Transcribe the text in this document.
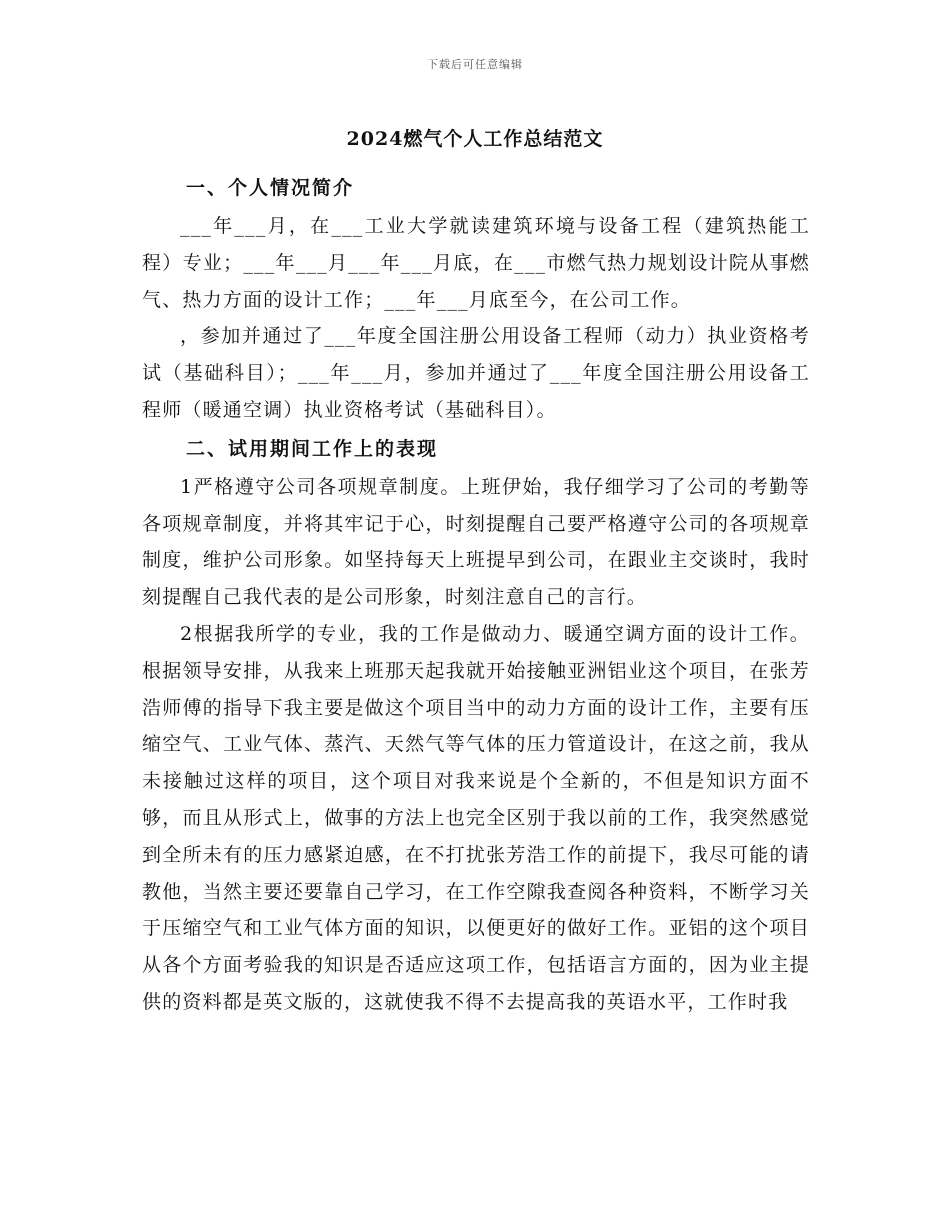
下载后可任意编辑
2024燃气个人工作总结范文
一、个人情况简介

___年___月，在___工业大学就读建筑环境与设备工程（建筑热能工程）专业；___年___月___年___月底，在___市燃气热力规划设计院从事燃气、热力方面的设计工作；___年___月底至今，在公司工作。

，参加并通过了___年度全国注册公用设备工程师（动力）执业资格考试（基础科目）；___年___月，参加并通过了___年度全国注册公用设备工程师（暖通空调）执业资格考试（基础科目）。

二、试用期间工作上的表现

1严格遵守公司各项规章制度。上班伊始，我仔细学习了公司的考勤等各项规章制度，并将其牢记于心，时刻提醒自己要严格遵守公司的各项规章制度，维护公司形象。如坚持每天上班提早到公司，在跟业主交谈时，我时刻提醒自己我代表的是公司形象，时刻注意自己的言行。

2根据我所学的专业，我的工作是做动力、暖通空调方面的设计工作。根据领导安排，从我来上班那天起我就开始接触亚洲铝业这个项目，在张芳浩师傅的指导下我主要是做这个项目当中的动力方面的设计工作，主要有压缩空气、工业气体、蒸汽、天然气等气体的压力管道设计，在这之前，我从未接触过这样的项目，这个项目对我来说是个全新的，不但是知识方面不够，而且从形式上，做事的方法上也完全区别于我以前的工作，我突然感觉到全所未有的压力感紧迫感，在不打扰张芳浩工作的前提下，我尽可能的请教他，当然主要还要靠自己学习，在工作空隙我查阅各种资料，不断学习关于压缩空气和工业气体方面的知识，以便更好的做好工作。亚铝的这个项目从各个方面考验我的知识是否适应这项工作，包括语言方面的，因为业主提供的资料都是英文版的，这就使我不得不去提高我的英语水平，工作时我
